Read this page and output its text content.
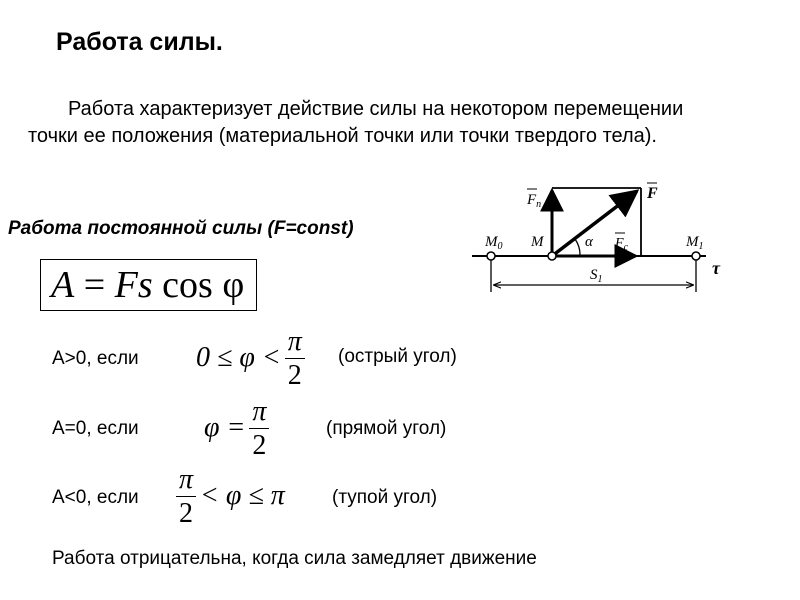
Работа силы.
Работа характеризует действие силы на некотором перемещении точки ее положения (материальной точки или точки твердого тела).
Работа постоянной силы (F=const)
A = Fs cos φ
A>0, если $0 \le \varphi < \frac{\pi}{2}$ (острый угол)
A=0, если $\varphi = \frac{\pi}{2}$	(прямой угол)
A<0, если $\frac{\pi}{2} < \varphi \le \pi$ (тупой угол)
Работа отрицательна, когда сила замедляет движение
$F_п$
F
α $F_с$
$M_0$ M	$M_1$
$S_1$
τ
